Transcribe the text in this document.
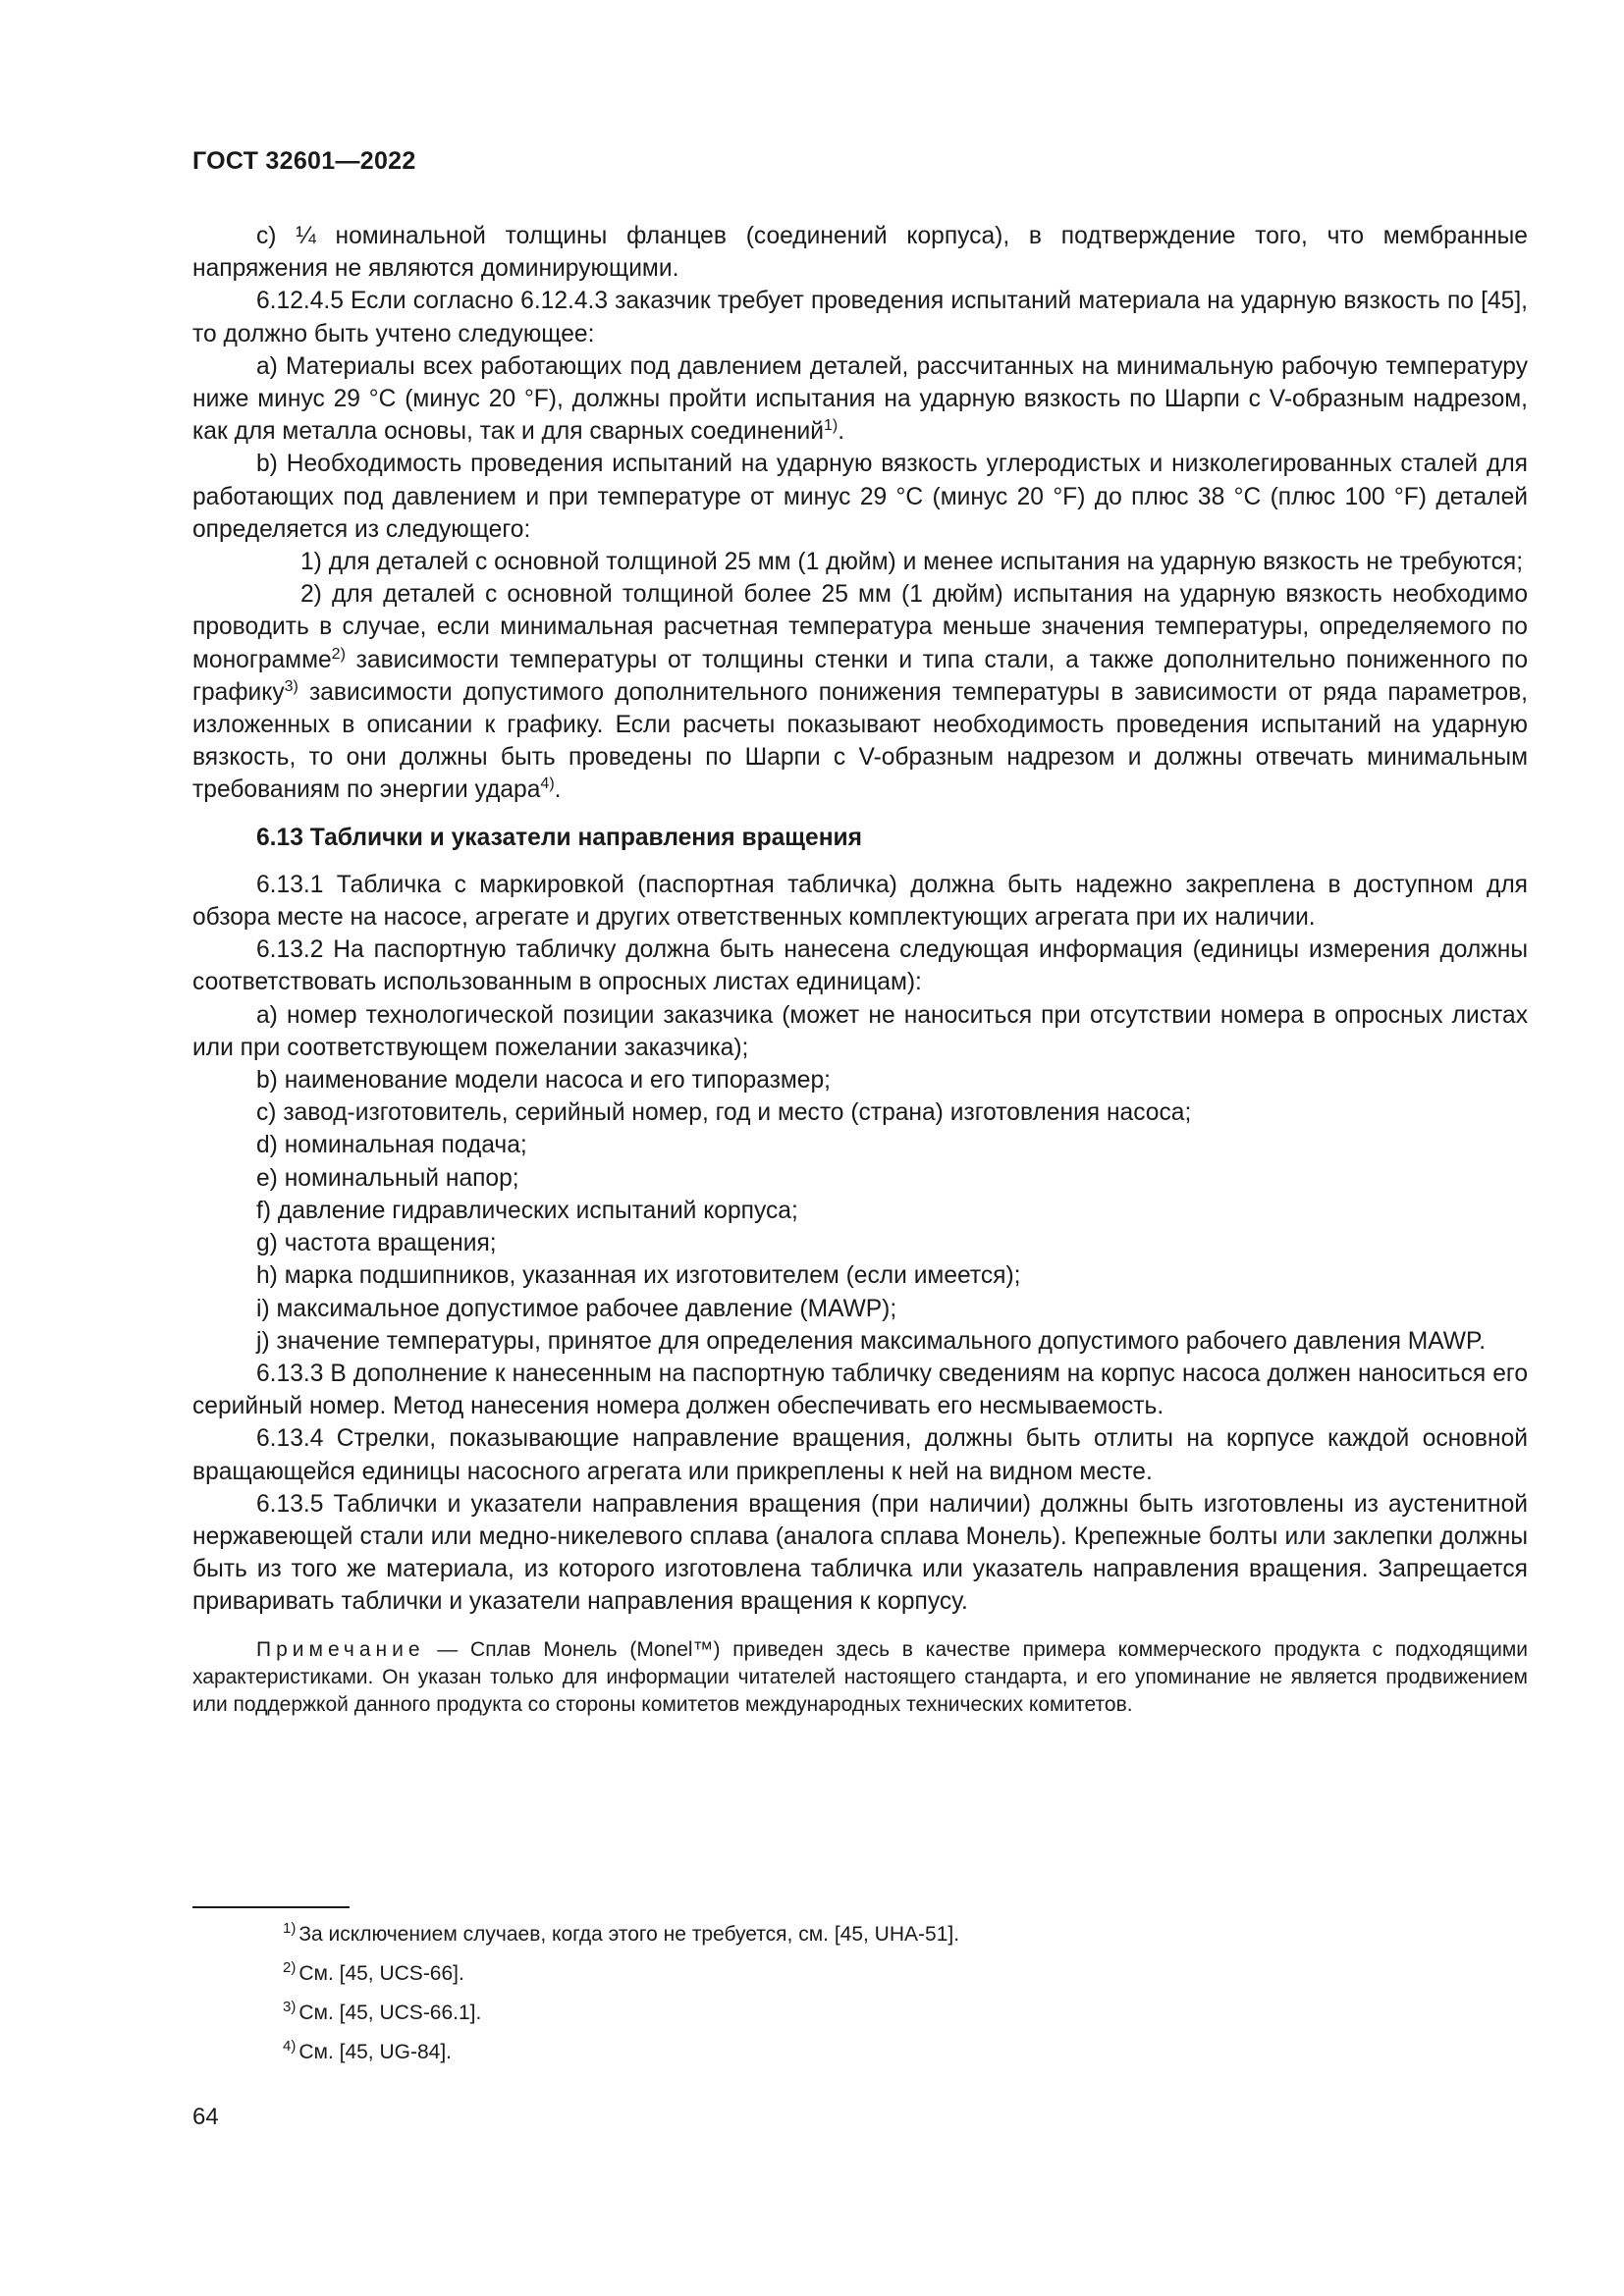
ГОСТ 32601—2022

c) ¼ номинальной толщины фланцев (соединений корпуса), в подтверждение того, что мембранные напряжения не являются доминирующими.

6.12.4.5 Если согласно 6.12.4.3 заказчик требует проведения испытаний материала на ударную вязкость по [45], то должно быть учтено следующее:

a) Материалы всех работающих под давлением деталей, рассчитанных на минимальную рабочую температуру ниже минус 29 °C (минус 20 °F), должны пройти испытания на ударную вязкость по Шарпи с V-образным надрезом, как для металла основы, так и для сварных соединений$^{1)}$.

b) Необходимость проведения испытаний на ударную вязкость углеродистых и низколегированных сталей для работающих под давлением и при температуре от минус 29 °C (минус 20 °F) до плюс 38 °C (плюс 100 °F) деталей определяется из следующего:

1) для деталей с основной толщиной 25 мм (1 дюйм) и менее испытания на ударную вязкость не требуются;

2) для деталей с основной толщиной более 25 мм (1 дюйм) испытания на ударную вязкость необходимо проводить в случае, если минимальная расчетная температура меньше значения температуры, определяемого по монограмме$^{2)}$ зависимости температуры от толщины стенки и типа стали, а также дополнительно пониженного по графику$^{3)}$ зависимости допустимого дополнительного понижения температуры в зависимости от ряда параметров, изложенных в описании к графику. Если расчеты показывают необходимость проведения испытаний на ударную вязкость, то они должны быть проведены по Шарпи с V-образным надрезом и должны отвечать минимальным требованиям по энергии удара$^{4)}$.

6.13 Таблички и указатели направления вращения

6.13.1 Табличка с маркировкой (паспортная табличка) должна быть надежно закреплена в доступном для обзора месте на насосе, агрегате и других ответственных комплектующих агрегата при их наличии.

6.13.2 На паспортную табличку должна быть нанесена следующая информация (единицы измерения должны соответствовать использованным в опросных листах единицам):

a) номер технологической позиции заказчика (может не наноситься при отсутствии номера в опросных листах или при соответствующем пожелании заказчика);

b) наименование модели насоса и его типоразмер;

c) завод-изготовитель, серийный номер, год и место (страна) изготовления насоса;

d) номинальная подача;

e) номинальный напор;

f) давление гидравлических испытаний корпуса;

g) частота вращения;

h) марка подшипников, указанная их изготовителем (если имеется);

i) максимальное допустимое рабочее давление (MAWP);

j) значение температуры, принятое для определения максимального допустимого рабочего давления MAWP.

6.13.3 В дополнение к нанесенным на паспортную табличку сведениям на корпус насоса должен наноситься его серийный номер. Метод нанесения номера должен обеспечивать его несмываемость.

6.13.4 Стрелки, показывающие направление вращения, должны быть отлиты на корпусе каждой основной вращающейся единицы насосного агрегата или прикреплены к ней на видном месте.

6.13.5 Таблички и указатели направления вращения (при наличии) должны быть изготовлены из аустенитной нержавеющей стали или медно-никелевого сплава (аналога сплава Монель). Крепежные болты или заклепки должны быть из того же материала, из которого изготовлена табличка или указатель направления вращения. Запрещается приваривать таблички и указатели направления вращения к корпусу.

Примечание — Сплав Монель (Monel™) приведен здесь в качестве примера коммерческого продукта с подходящими характеристиками. Он указан только для информации читателей настоящего стандарта, и его упоминание не является продвижением или поддержкой данного продукта со стороны комитетов международных технических комитетов.

$^{1)}$ За исключением случаев, когда этого не требуется, см. [45, UHA-51].

$^{2)}$ См. [45, UCS-66].

$^{3)}$ См. [45, UCS-66.1].

$^{4)}$ См. [45, UG-84].

64
